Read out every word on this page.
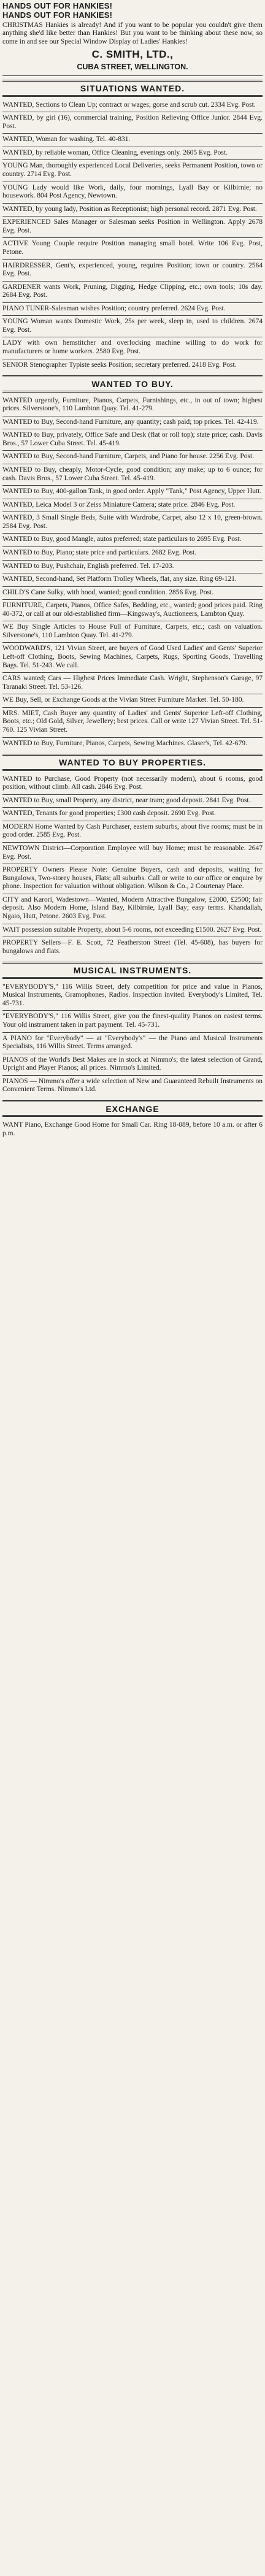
HANDS OUT FOR HANKIES!
HANDS OUT FOR HANKIES!
CHRISTMAS Hankies is already! And if you want to be popular you couldn't give them anything she'd like better than Hankies! But you want to be thinking about these now, so come in and see our Special Window Display of Ladies' Hankies!
C. SMITH, LTD.,
CUBA STREET, WELLINGTON.
SITUATIONS WANTED.
WANTED, Sections to Clean Up; contract or wages; gorse and scrub cut. 2334 Evg. Post.
WANTED, by girl (16), commercial training, Position Relieving Office Junior. 2844 Evg. Post.
WANTED, Woman for washing. Tel. 40-831.
WANTED, by reliable woman, Office Cleaning, evenings only. 2605 Evg. Post.
YOUNG Man, thoroughly experienced Local Deliveries, seeks Permanent Position, town or country. 2714 Evg. Post.
YOUNG Lady would like Work, daily, four mornings, Lyall Bay or Kilbirnie; no housework. 804 Post Agency, Newtown.
WANTED, by young lady, Position as Receptionist; high personal record. 2871 Evg. Post.
EXPERIENCED Sales Manager or Salesman seeks Position in Wellington. Apply 2678 Evg. Post.
ACTIVE Young Couple require Position managing small hotel. Write 106 Evg. Post, Petone.
HAIRDRESSER, Gent's, experienced, young, requires Position; town or country. 2564 Evg. Post.
GARDENER wants Work, Pruning, Digging, Hedge Clipping, etc.; own tools; 10s day. 2684 Evg. Post.
PIANO TUNER-Salesman wishes Position; country preferred. 2624 Evg. Post.
YOUNG Woman wants Domestic Work, 25s per week, sleep in, used to children. 2674 Evg. Post.
LADY with own hemstitcher and overlocking machine willing to do work for manufacturers or home workers. 2580 Evg. Post.
SENIOR Stenographer Typiste seeks Position; secretary preferred. 2418 Evg. Post.
WANTED TO BUY.
WANTED urgently, Furniture, Pianos, Carpets, Furnishings, etc., in out of town; highest prices. Silverstone's, 110 Lambton Quay. Tel. 41-279.
WANTED to Buy, Second-hand Furniture, any quantity; cash paid; top prices. Tel. 42-419.
WANTED to Buy, privately, Office Safe and Desk (flat or roll top); state price; cash. Davis Bros., 57 Lower Cuba Street. Tel. 45-419.
WANTED to Buy, Second-hand Furniture, Carpets, and Piano for house. 2256 Evg. Post.
WANTED to Buy, cheaply, Motor-Cycle, good condition; any make; up to 6 ounce; for cash. Davis Bros., 57 Lower Cuba Street. Tel. 45-419.
WANTED to Buy, 400-gallon Tank, in good order. Apply "Tank," Post Agency, Upper Hutt.
WANTED, Leica Model 3 or Zeiss Miniature Camera; state price. 2846 Evg. Post.
WANTED, 3 Small Single Beds, Suite with Wardrobe, Carpet, also 12 x 10, green-brown. 2584 Evg. Post.
WANTED to Buy, good Mangle, autos preferred; state particulars to 2695 Evg. Post.
WANTED to Buy, Piano; state price and particulars. 2682 Evg. Post.
WANTED to Buy, Pushchair, English preferred. Tel. 17-203.
WANTED, Second-hand, Set Platform Trolley Wheels, flat, any size. Ring 69-121.
CHILD'S Cane Sulky, with hood, wanted; good condition. 2856 Evg. Post.
FURNITURE, Carpets, Pianos, Office Safes, Bedding, etc., wanted; good prices paid. Ring 40-372, or call at our old-established firm—Kingsway's, Auctioneers, Lambton Quay.
WE Buy Single Articles to House Full of Furniture, Carpets, etc.; cash on valuation. Silverstone's, 110 Lambton Quay. Tel. 41-279.
WOODWARD'S, 121 Vivian Street, are buyers of Good Used Ladies' and Gents' Superior Left-off Clothing, Boots, Sewing Machines, Carpets, Rugs, Sporting Goods, Travelling Bags. Tel. 51-243. We call.
CARS wanted; Cars — Highest Prices Immediate Cash. Wright, Stephenson's Garage, 97 Taranaki Street. Tel. 53-126.
WE Buy, Sell, or Exchange Goods at the Vivian Street Furniture Market. Tel. 50-180.
MRS. MIET, Cash Buyer any quantity of Ladies' and Gents' Superior Left-off Clothing, Boots, etc.; Old Gold, Silver, Jewellery; best prices. Call or write 127 Vivian Street. Tel. 51-760. 125 Vivian Street.
WANTED to Buy, Furniture, Pianos, Carpets, Sewing Machines. Glaser's, Tel. 42-679.
WANTED TO BUY PROPERTIES.
WANTED to Purchase, Good Property (not necessarily modern), about 6 rooms, good position, without climb. All cash. 2846 Evg. Post.
WANTED to Buy, small Property, any district, near tram; good deposit. 2841 Evg. Post.
WANTED, Tenants for good properties; £300 cash deposit. 2690 Evg. Post.
MODERN Home Wanted by Cash Purchaser, eastern suburbs, about five rooms; must be in good order. 2585 Evg. Post.
NEWTOWN District—Corporation Employee will buy Home; must be reasonable. 2647 Evg. Post.
PROPERTY Owners Please Note: Genuine Buyers, cash and deposits, waiting for Bungalows, Two-storey houses, Flats; all suburbs. Call or write to our office or enquire by phone. Inspection for valuation without obligation. Wilson & Co., 2 Courtenay Place.
CITY and Karori, Wadestown—Wanted, Modern Attractive Bungalow, £2000, £2500; fair deposit. Also Modern Home, Island Bay, Kilbirnie, Lyall Bay; easy terms. Khandallah, Ngaio, Hutt, Petone. 2603 Evg. Post.
WAIT possession suitable Property, about 5-6 rooms, not exceeding £1500. 2627 Evg. Post.
PROPERTY Sellers—F. E. Scott, 72 Featherston Street (Tel. 45-608), has buyers for bungalows and flats.
MUSICAL INSTRUMENTS.
"EVERYBODY'S," 116 Willis Street, defy competition for price and value in Pianos, Musical Instruments, Gramophones, Radios. Inspection invited. Everybody's Limited, Tel. 45-731.
"EVERYBODY'S," 116 Willis Street, give you the finest-quality Pianos on easiest terms. Your old instrument taken in part payment. Tel. 45-731.
A PIANO for "Everybody" — at "Everybody's" — the Piano and Musical Instruments Specialists, 116 Willis Street. Terms arranged.
PIANOS of the World's Best Makes are in stock at Nimmo's; the latest selection of Grand, Upright and Player Pianos; all prices. Nimmo's Limited.
PIANOS — Nimmo's offer a wide selection of New and Guaranteed Rebuilt Instruments on Convenient Terms. Nimmo's Ltd.
EXCHANGE
WANT Piano, Exchange Good Home for Small Car. Ring 18-089, before 10 a.m. or after 6 p.m.
